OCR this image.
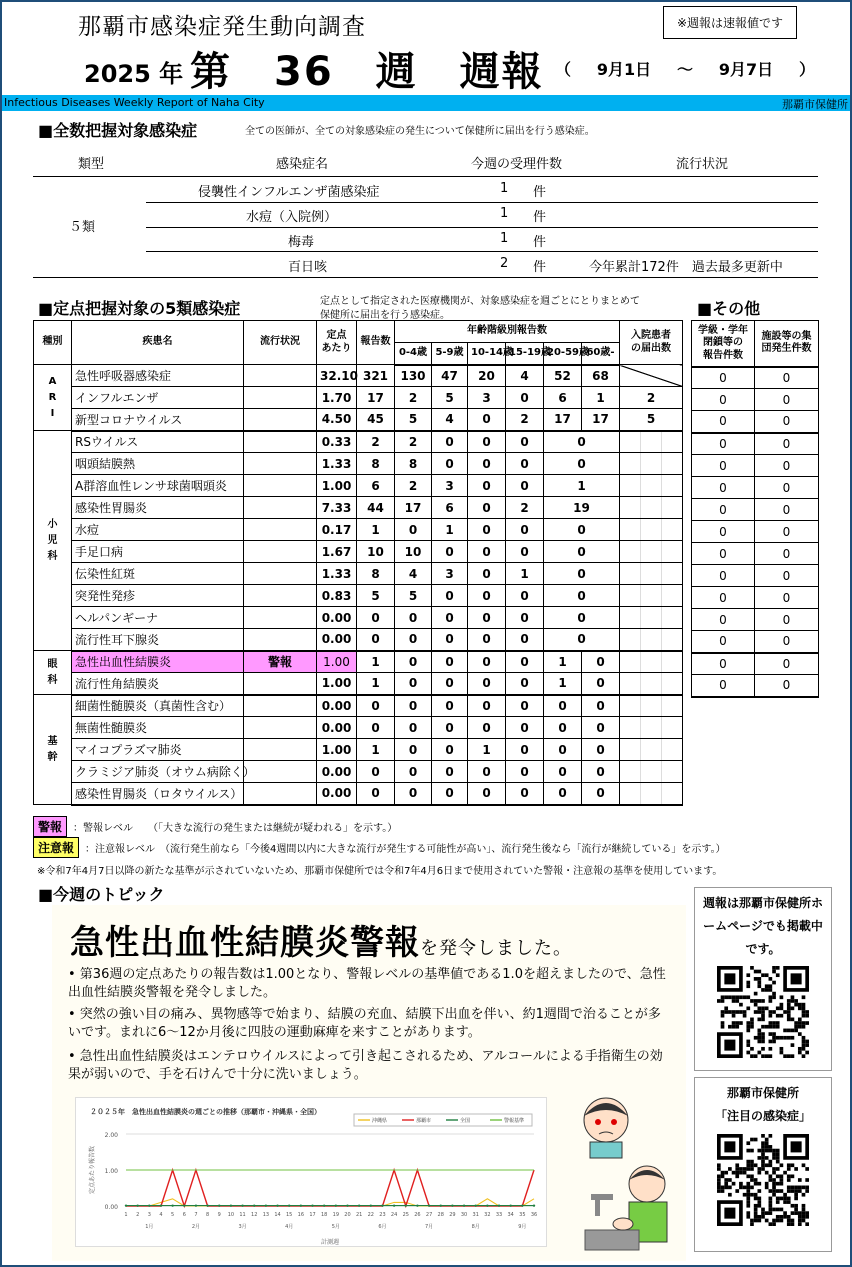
那覇市感染症発生動向調査	※週報は速報値です
2025 年 第　36　週　週報 （ 9月1日 ～ 9月7日 ）
Infectious Diseases Weekly Report of Naha City	那覇市保健所
■全数把握対象感染症	全ての医師が、全ての対象感染症の発生について保健所に届出を行う感染症。
類型	感染症名	今週の受理件数	流行状況
５類
侵襲性インフルエンザ菌感染症	1 件
水痘（入院例）	1 件
梅毒	1 件
百日咳	2 件	今年累計172件　過去最多更新中
■定点把握対象の5類感染症	定点として指定された医療機関が、対象感染症を週ごとにとりまとめて
保健所に届出を行う感染症。	■その他
種別	疾患名	流行状況	定点
あたり	報告数	年齢階級別報告数						入院患者
の届出数
					0-4歳	5-9歳	10-14歳	15-19歳	20-59歳	60歳-	
A
R
I	急性呼吸器感染症		32.10	321	130	47	20	4	52	68	
	インフルエンザ		1.70	17	2	5	3	0	6	1	2
	新型コロナウイルス		4.50	45	5	4	0	2	17	17	5
小
児
科	RSウイルス		0.33	2	2	0	0	0	0		
	咽頭結膜熱		1.33	8	8	0	0	0	0		
	A群溶血性レンサ球菌咽頭炎		1.00	6	2	3	0	0	1		
	感染性胃腸炎		7.33	44	17	6	0	2	19		
	水痘		0.17	1	0	1	0	0	0		
	手足口病		1.67	10	10	0	0	0	0		
	伝染性紅斑		1.33	8	4	3	0	1	0		
	突発性発疹		0.83	5	5	0	0	0	0		
	ヘルパンギーナ		0.00	0	0	0	0	0	0		
	流行性耳下腺炎		0.00	0	0	0	0	0	0		
眼
科	急性出血性結膜炎	警報	1.00	1	0	0	0	0	1	0	
	流行性角結膜炎		1.00	1	0	0	0	0	1	0	
基
幹	細菌性髄膜炎（真菌性含む）		0.00	0	0	0	0	0	0	0	
	無菌性髄膜炎		0.00	0	0	0	0	0	0	0	
	マイコプラズマ肺炎		1.00	1	0	0	1	0	0	0	
	クラミジア肺炎（オウム病除く）		0.00	0	0	0	0	0	0	0	
	感染性胃腸炎（ロタウイルス）		0.00	0	0	0	0	0	0	0	
学級・学年
閉鎖等の
報告件数	施設等の集
団発生件数
0	0
0	0
0	0
0	0
0	0
0	0
0	0
0	0
0	0
0	0
0	0
0	0
0	0
0	0
0	0
警報	：警報レベル　　（「大きな流行の発生または継続が疑われる」を示す。）
注意報	：注意報レベル　（流行発生前なら「今後4週間以内に大きな流行が発生する可能性が高い」、流行発生後なら「流行が継続している」を示す。）
※令和7年4月7日以降の新たな基準が示されていないため、那覇市保健所では令和7年4月6日まで使用されていた警報・注意報の基準を使用しています。
■今週のトピック
急性出血性結膜炎警報を発令しました。
• 第36週の定点あたりの報告数は1.00となり、警報レベルの基準値である1.0を超えましたので、急性出血性結膜炎警報を発令しました。
• 突然の強い目の痛み、異物感等で始まり、結膜の充血、結膜下出血を伴い、約1週間で治ることが多いです。まれに6～12か月後に四肢の運動麻痺を来すことがあります。
• 急性出血性結膜炎はエンテロウイルスによって引き起こされるため、アルコールによる手指衛生の効果が弱いので、手を石けんで十分に洗いましょう。
２０２５年　急性出血性結膜炎の週ごとの推移（那覇市・沖縄県・全国）
0.00
1.00
2.00
定点あたり報告数
1 2 3 4 5 6 7 8 9 10 11 12 13 14 15 16 17 18 19 20 21 22 23 24 25 26 27 28 29 30 31 32 33 34 35 36
1月	2月	3月	4月	5月	6月	7月	8月	9月
計測週
沖縄県	那覇市	全国	警報基準
週報は那覇市保健所ホームページでも掲載中です。
那覇市保健所
「注目の感染症」
